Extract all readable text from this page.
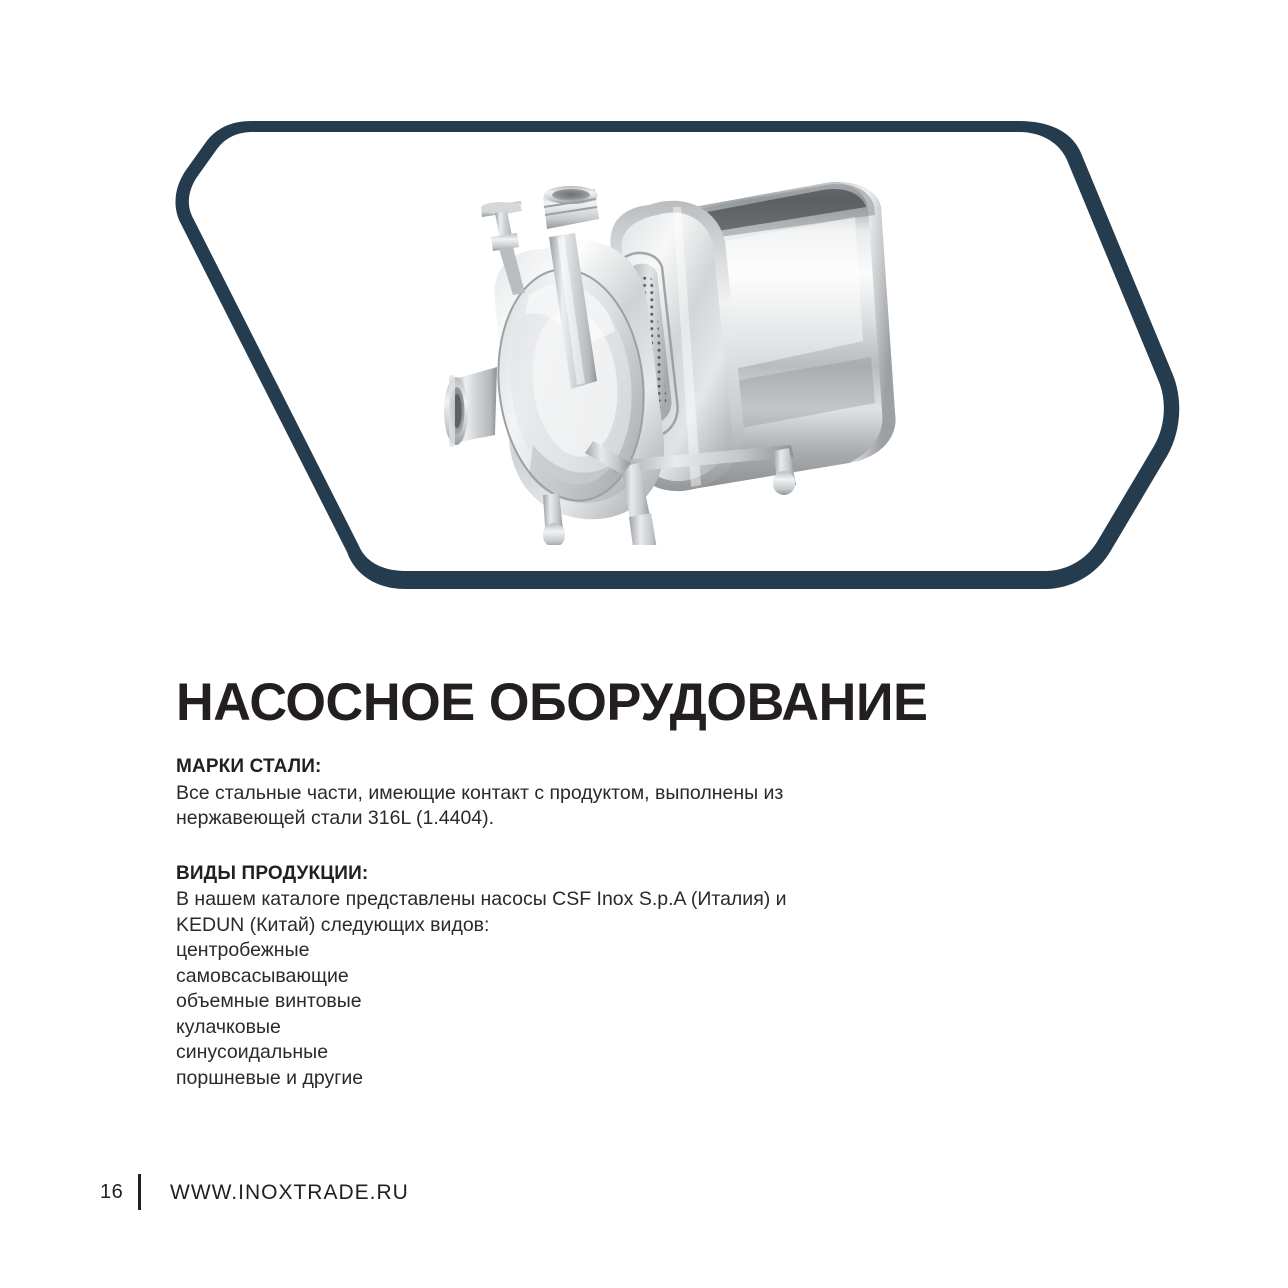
НАСОСНОЕ ОБОРУДОВАНИЕ
МАРКИ СТАЛИ:
Все стальные части, имеющие контакт с продуктом, выполнены из
нержавеющей стали 316L (1.4404).
ВИДЫ ПРОДУКЦИИ:
В нашем каталоге представлены насосы CSF Inox S.p.A (Италия) и
KEDUN (Китай) следующих видов:
центробежные
самовсасывающие
объемные винтовые
кулачковые
синусоидальные
поршневые и другие
16	WWW.INOXTRADE.RU
